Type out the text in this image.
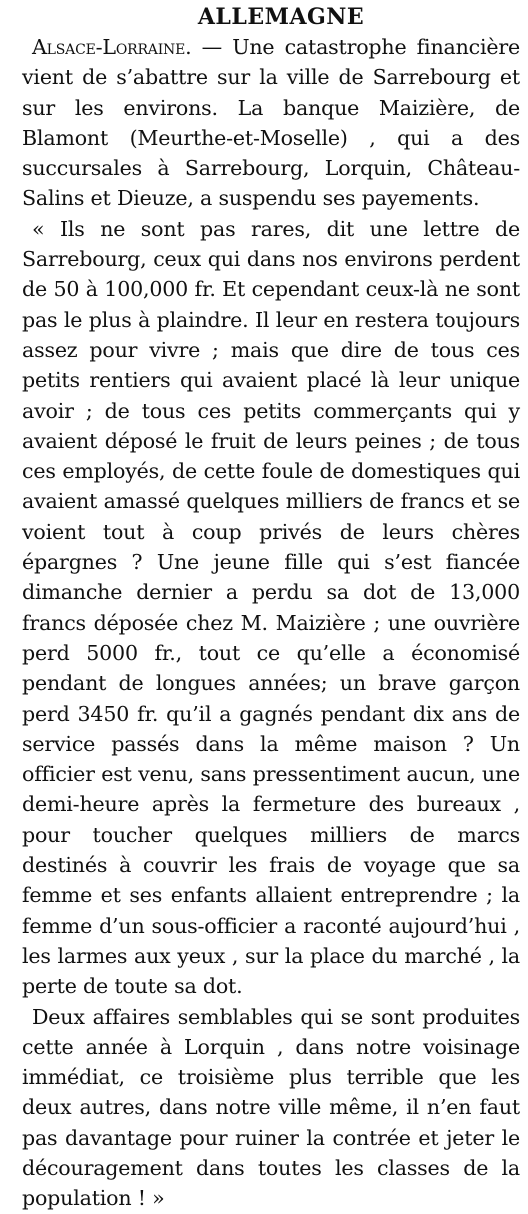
ALLEMAGNE

Alsace-Lorraine. — Une catastrophe financière vient de s’abattre sur la ville de Sarrebourg et sur les environs. La banque Maizière, de Blamont (Meurthe-et-Moselle) , qui a des succursales à Sarrebourg, Lorquin, Château-Salins et Dieuze, a suspendu ses payements.

« Ils ne sont pas rares, dit une lettre de Sarrebourg, ceux qui dans nos environs perdent de 50 à 100,000 fr. Et cependant ceux-là ne sont pas le plus à plaindre. Il leur en restera toujours assez pour vivre ; mais que dire de tous ces petits rentiers qui avaient placé là leur unique avoir ; de tous ces petits commerçants qui y avaient déposé le fruit de leurs peines ; de tous ces employés, de cette foule de domestiques qui avaient amassé quelques milliers de francs et se voient tout à coup privés de leurs chères épargnes ? Une jeune fille qui s’est fiancée dimanche dernier a perdu sa dot de 13,000 francs déposée chez M. Maizière ; une ouvrière perd 5000 fr., tout ce qu’elle a économisé pendant de longues années; un brave garçon perd 3450 fr. qu’il a gagnés pendant dix ans de service passés dans la même maison ? Un officier est venu, sans pressentiment aucun, une demi-heure après la fermeture des bureaux , pour toucher quelques milliers de marcs destinés à couvrir les frais de voyage que sa femme et ses enfants allaient entreprendre ; la femme d’un sous-officier a raconté aujourd’hui , les larmes aux yeux , sur la place du marché , la perte de toute sa dot.

Deux affaires semblables qui se sont produites cette année à Lorquin , dans notre voisinage immédiat, ce troisième plus terrible que les deux autres, dans notre ville même, il n’en faut pas davantage pour ruiner la contrée et jeter le découragement dans toutes les classes de la population ! »
